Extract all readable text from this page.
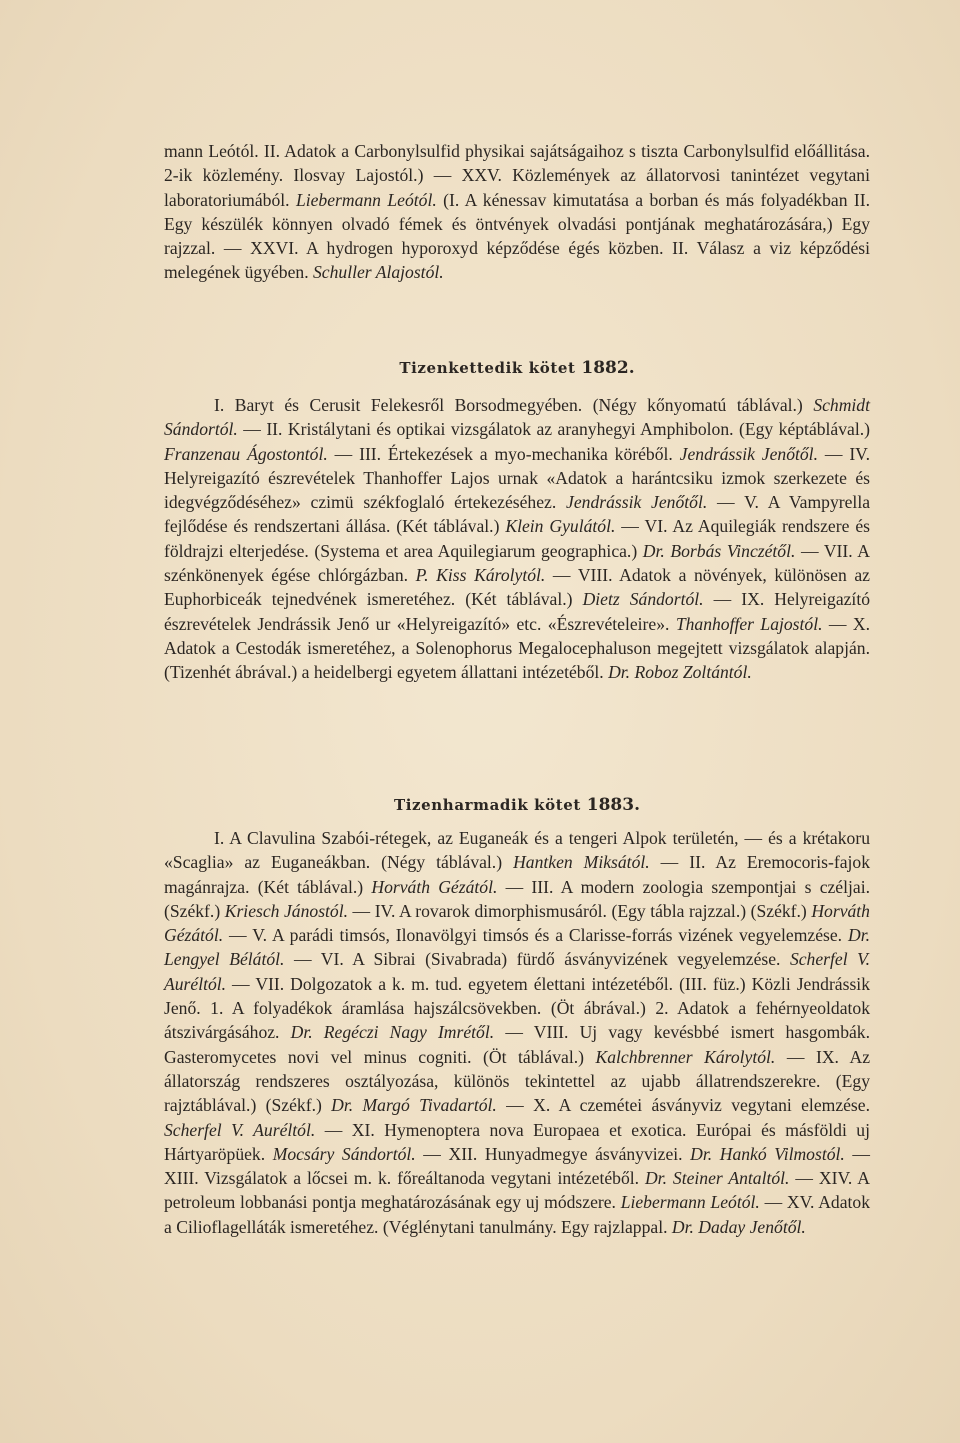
mann Leótól. II. Adatok a Carbonylsulfid physikai sajátságaihoz s tiszta Carbonylsulfid előállitása. 2-ik közlemény. Ilosvay Lajostól.) — XXV. Közlemények az állatorvosi tanintézet vegytani laboratoriumából. Liebermann Leótól. (I. A kénessav kimutatása a borban és más folyadékban II. Egy készülék könnyen olvadó fémek és öntvények olvadási pontjának meghatározására,) Egy rajzzal. — XXVI. A hydrogen hyporoxyd képződése égés közben. II. Válasz a viz képződési melegének ügyében. Schuller Alajostól.

Tizenkettedik kötet 1882.

I. Baryt és Cerusit Felekesről Borsodmegyében. (Négy kőnyomatú táblával.) Schmidt Sándortól. — II. Kristálytani és optikai vizsgálatok az aranyhegyi Amphibolon. (Egy képtáblával.) Franzenau Ágostontól. — III. Értekezések a myo-mechanika köréből. Jendrássik Jenőtől. — IV. Helyreigazító észrevételek Thanhoffer Lajos urnak «Adatok a harántcsiku izmok szerkezete és idegvégződéséhez» czimü székfoglaló értekezéséhez. Jendrássik Jenőtől. — V. A Vampyrella fejlődése és rendszertani állása. (Két táblával.) Klein Gyulától. — VI. Az Aquilegiák rendszere és földrajzi elterjedése. (Systema et area Aquilegiarum geographica.) Dr. Borbás Vinczétől. — VII. A szénkönenyek égése chlórgázban. P. Kiss Károlytól. — VIII. Adatok a növények, különösen az Euphorbiceák tejnedvének ismeretéhez. (Két táblával.) Dietz Sándortól. — IX. Helyreigazító észrevételek Jendrássik Jenő ur «Helyreigazító» etc. «Észrevételeire». Thanhoffer Lajostól. — X. Adatok a Cestodák ismeretéhez, a Solenophorus Megalocephaluson megejtett vizsgálatok alapján. (Tizenhét ábrával.) a heidelbergi egyetem állattani intézetéből. Dr. Roboz Zoltántól.

Tizenharmadik kötet 1883.

I. A Clavulina Szabói-rétegek, az Euganeák és a tengeri Alpok területén, — és a krétakoru «Scaglia» az Euganeákban. (Négy táblával.) Hantken Miksától. — II. Az Eremocoris-fajok magánrajza. (Két táblával.) Horváth Gézától. — III. A modern zoologia szempontjai s czéljai. (Székf.) Kriesch Jánostól. — IV. A rovarok dimorphismusáról. (Egy tábla rajzzal.) (Székf.) Horváth Gézától. — V. A parádi timsós, Ilonavölgyi timsós és a Clarisse-forrás vizének vegyelemzése. Dr. Lengyel Bélától. — VI. A Sibrai (Sivabrada) fürdő ásványvizének vegyelemzése. Scherfel V. Auréltól. — VII. Dolgozatok a k. m. tud. egyetem élettani intézetéből. (III. füz.) Közli Jendrássik Jenő. 1. A folyadékok áramlása hajszálcsövekben. (Öt ábrával.) 2. Adatok a fehérnyeoldatok átszivárgásához. Dr. Regéczi Nagy Imrétől. — VIII. Uj vagy kevésbbé ismert hasgombák. Gasteromycetes novi vel minus cogniti. (Öt táblával.) Kalchbrenner Károlytól. — IX. Az állatország rendszeres osztályozása, különös tekintettel az ujabb állatrendszerekre. (Egy rajztáblával.) (Székf.) Dr. Margó Tivadartól. — X. A czemétei ásványviz vegytani elemzése. Scherfel V. Auréltól. — XI. Hymenoptera nova Europaea et exotica. Európai és másföldi uj Hártyaröpüek. Mocsáry Sándortól. — XII. Hunyadmegye ásványvizei. Dr. Hankó Vilmostól. — XIII. Vizsgálatok a lőcsei m. k. főreáltanoda vegytani intézetéből. Dr. Steiner Antaltól. — XIV. A petroleum lobbanási pontja meghatározásának egy uj módszere. Liebermann Leótól. — XV. Adatok a Cilioflagelláták ismeretéhez. (Véglénytani tanulmány. Egy rajzlappal. Dr. Daday Jenőtől.
